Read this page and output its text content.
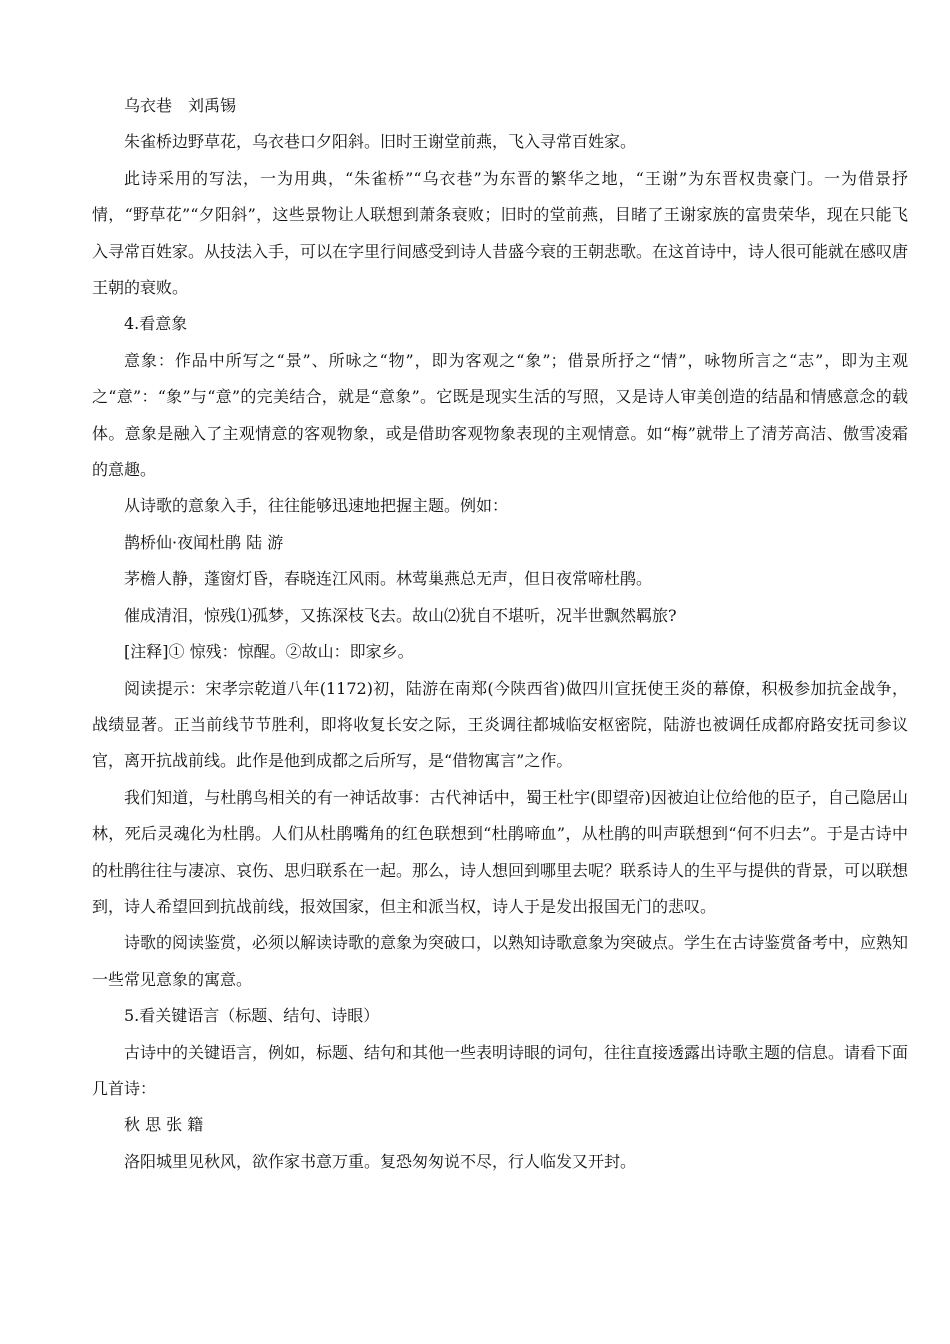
乌衣巷　刘禹锡

朱雀桥边野草花，乌衣巷口夕阳斜。旧时王谢堂前燕，飞入寻常百姓家。

此诗采用的写法，一为用典，“朱雀桥”“乌衣巷”为东晋的繁华之地，“王谢”为东晋权贵豪门。一为借景抒情，“野草花”“夕阳斜”，这些景物让人联想到萧条衰败；旧时的堂前燕，目睹了王谢家族的富贵荣华，现在只能飞入寻常百姓家。从技法入手，可以在字里行间感受到诗人昔盛今衰的王朝悲歌。在这首诗中，诗人很可能就在感叹唐王朝的衰败。

4.看意象

意象：作品中所写之“景”、所咏之“物”，即为客观之“象”；借景所抒之“情”，咏物所言之“志”，即为主观之“意”：“象”与“意”的完美结合，就是“意象”。它既是现实生活的写照，又是诗人审美创造的结晶和情感意念的载体。意象是融入了主观情意的客观物象，或是借助客观物象表现的主观情意。如“梅”就带上了清芳高洁、傲雪凌霜的意趣。

从诗歌的意象入手，往往能够迅速地把握主题。例如：

鹊桥仙·夜闻杜鹃 陆 游

茅檐人静，蓬窗灯昏，春晓连江风雨。林莺巢燕总无声，但日夜常啼杜鹃。

催成清泪，惊残⑴孤梦，又拣深枝飞去。故山⑵犹自不堪听，况半世飘然羁旅?

[注释]① 惊残：惊醒。②故山：即家乡。

阅读提示：宋孝宗乾道八年(1172)初，陆游在南郑(今陕西省)做四川宣抚使王炎的幕僚，积极参加抗金战争，战绩显著。正当前线节节胜利，即将收复长安之际，王炎调往都城临安枢密院，陆游也被调任成都府路安抚司参议官，离开抗战前线。此作是他到成都之后所写，是“借物寓言”之作。

我们知道，与杜鹃鸟相关的有一神话故事：古代神话中，蜀王杜宇(即望帝)因被迫让位给他的臣子，自己隐居山林，死后灵魂化为杜鹃。人们从杜鹃嘴角的红色联想到“杜鹃啼血”，从杜鹃的叫声联想到“何不归去”。于是古诗中的杜鹃往往与凄凉、哀伤、思归联系在一起。那么，诗人想回到哪里去呢？联系诗人的生平与提供的背景，可以联想到，诗人希望回到抗战前线，报效国家，但主和派当权，诗人于是发出报国无门的悲叹。

诗歌的阅读鉴赏，必须以解读诗歌的意象为突破口，以熟知诗歌意象为突破点。学生在古诗鉴赏备考中，应熟知一些常见意象的寓意。

5.看关键语言（标题、结句、诗眼）

古诗中的关键语言，例如，标题、结句和其他一些表明诗眼的词句，往往直接透露出诗歌主题的信息。请看下面几首诗：

秋 思 张 籍

洛阳城里见秋风，欲作家书意万重。复恐匆匆说不尽，行人临发又开封。
